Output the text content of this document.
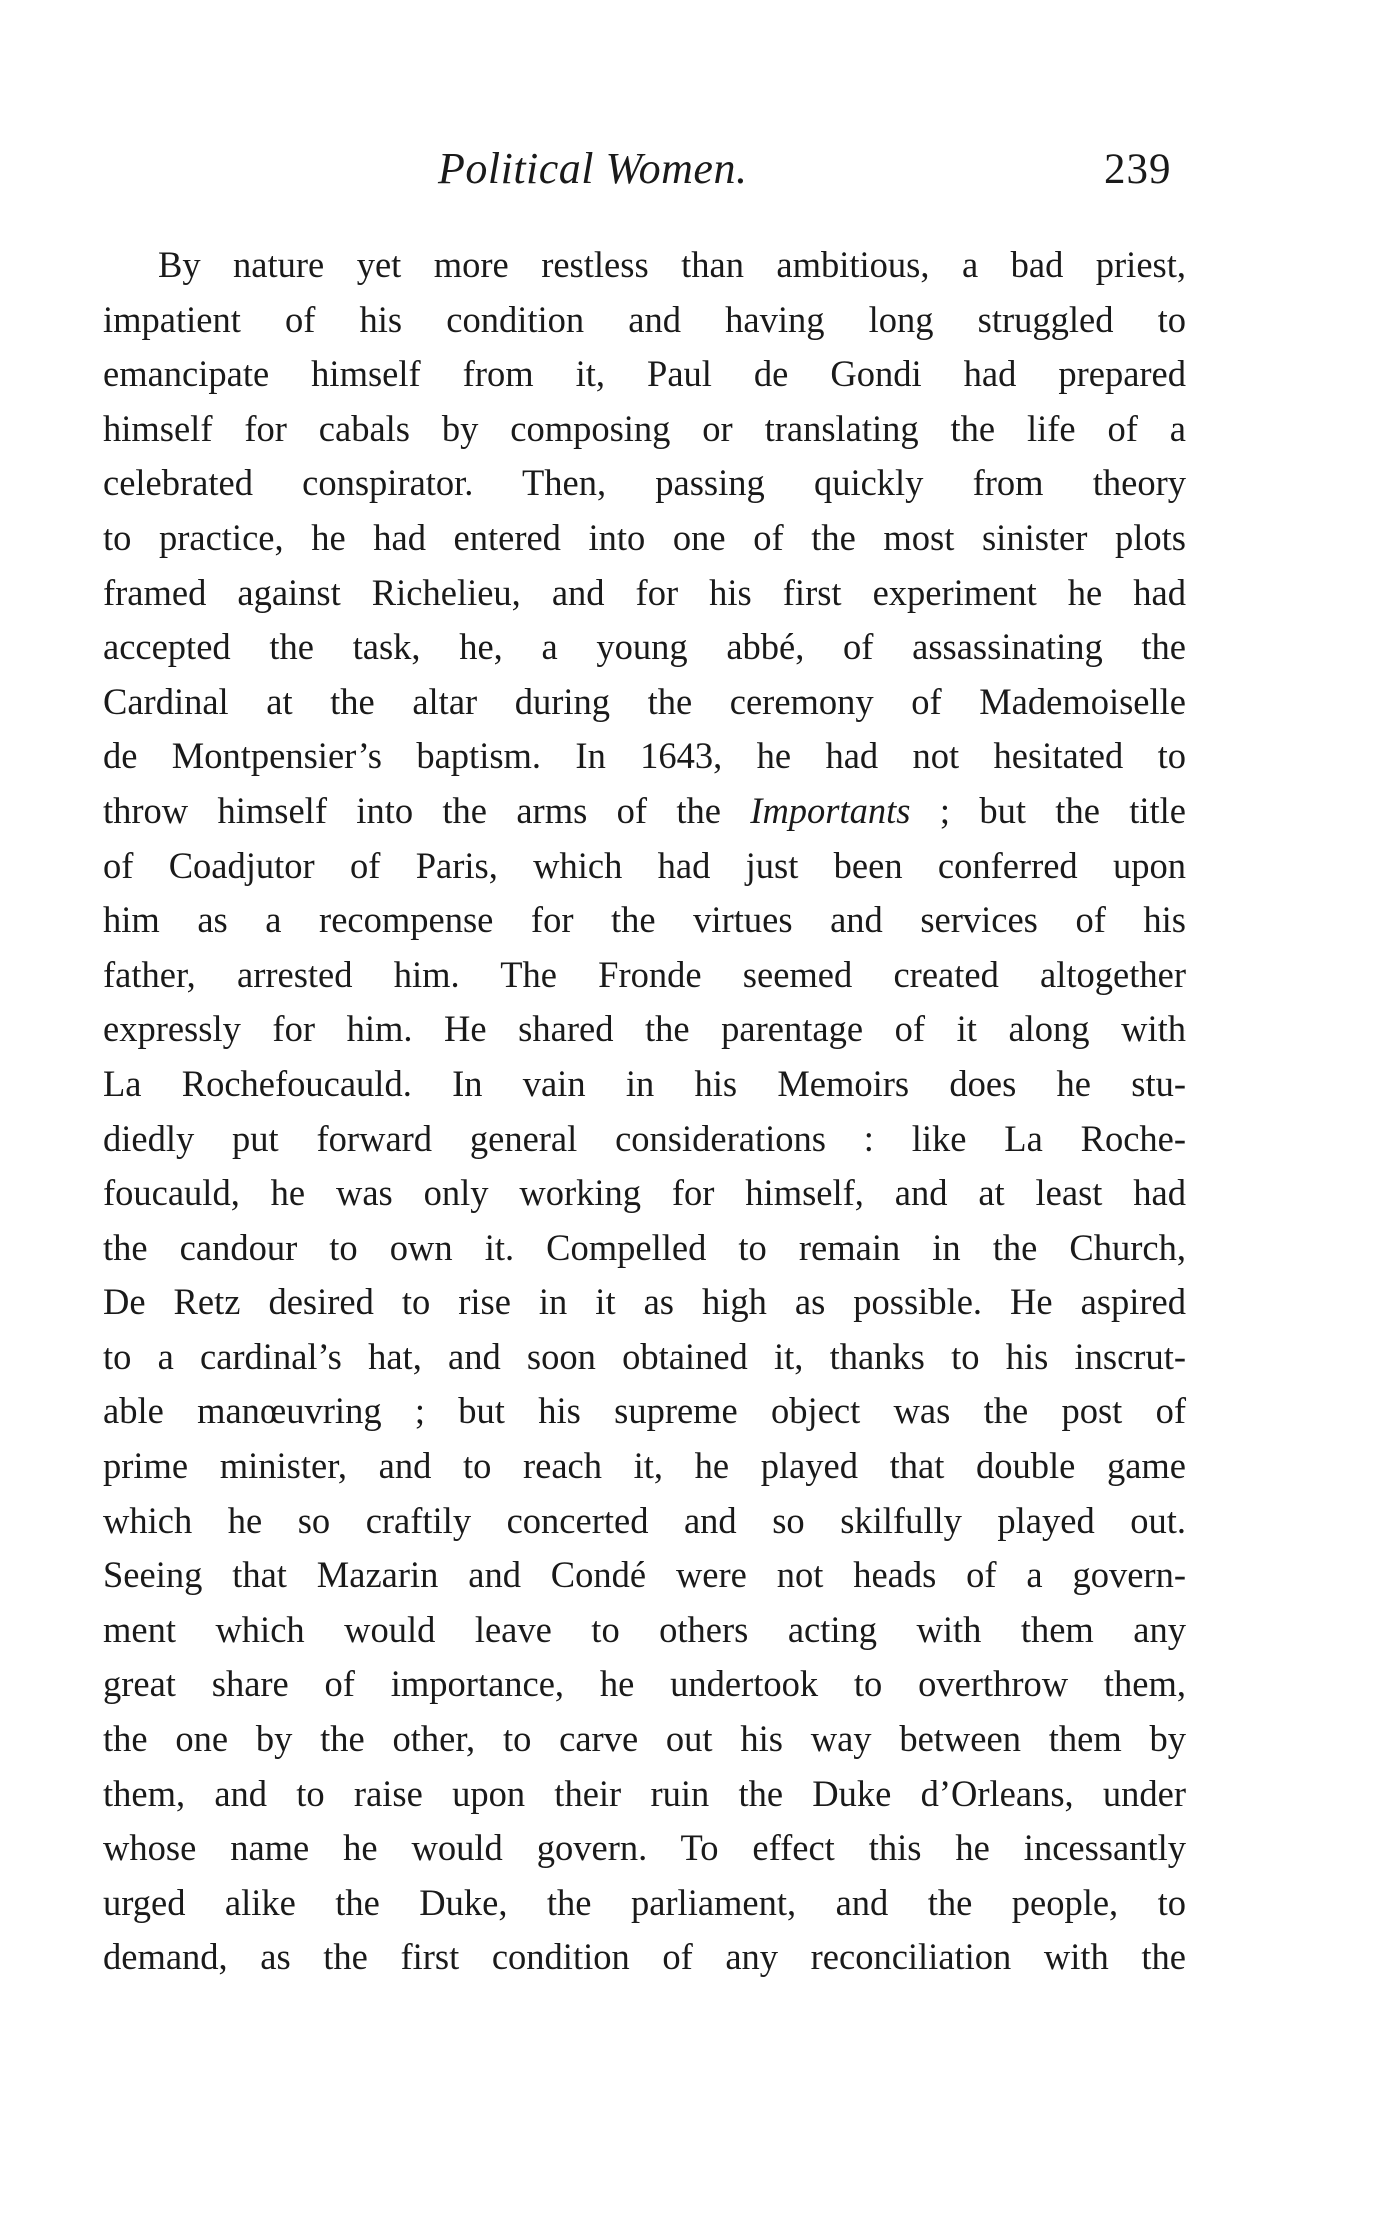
Political Women.	239
By nature yet more restless than ambitious, a bad priest,
impatient of his condition and having long struggled to
emancipate himself from it, Paul de Gondi had prepared
himself for cabals by composing or translating the life of a
celebrated conspirator. Then, passing quickly from theory
to practice, he had entered into one of the most sinister plots
framed against Richelieu, and for his first experiment he had
accepted the task, he, a young abbé, of assassinating the
Cardinal at the altar during the ceremony of Mademoiselle
de Montpensier’s baptism. In 1643, he had not hesitated to
throw himself into the arms of the Importants ; but the title
of Coadjutor of Paris, which had just been conferred upon
him as a recompense for the virtues and services of his
father, arrested him. The Fronde seemed created altogether
expressly for him. He shared the parentage of it along with
La Rochefoucauld. In vain in his Memoirs does he stu-
diedly put forward general considerations : like La Roche-
foucauld, he was only working for himself, and at least had
the candour to own it. Compelled to remain in the Church,
De Retz desired to rise in it as high as possible. He aspired
to a cardinal’s hat, and soon obtained it, thanks to his inscrut-
able manœuvring ; but his supreme object was the post of
prime minister, and to reach it, he played that double game
which he so craftily concerted and so skilfully played out.
Seeing that Mazarin and Condé were not heads of a govern-
ment which would leave to others acting with them any
great share of importance, he undertook to overthrow them,
the one by the other, to carve out his way between them by
them, and to raise upon their ruin the Duke d’Orleans, under
whose name he would govern. To effect this he incessantly
urged alike the Duke, the parliament, and the people, to
demand, as the first condition of any reconciliation with the
